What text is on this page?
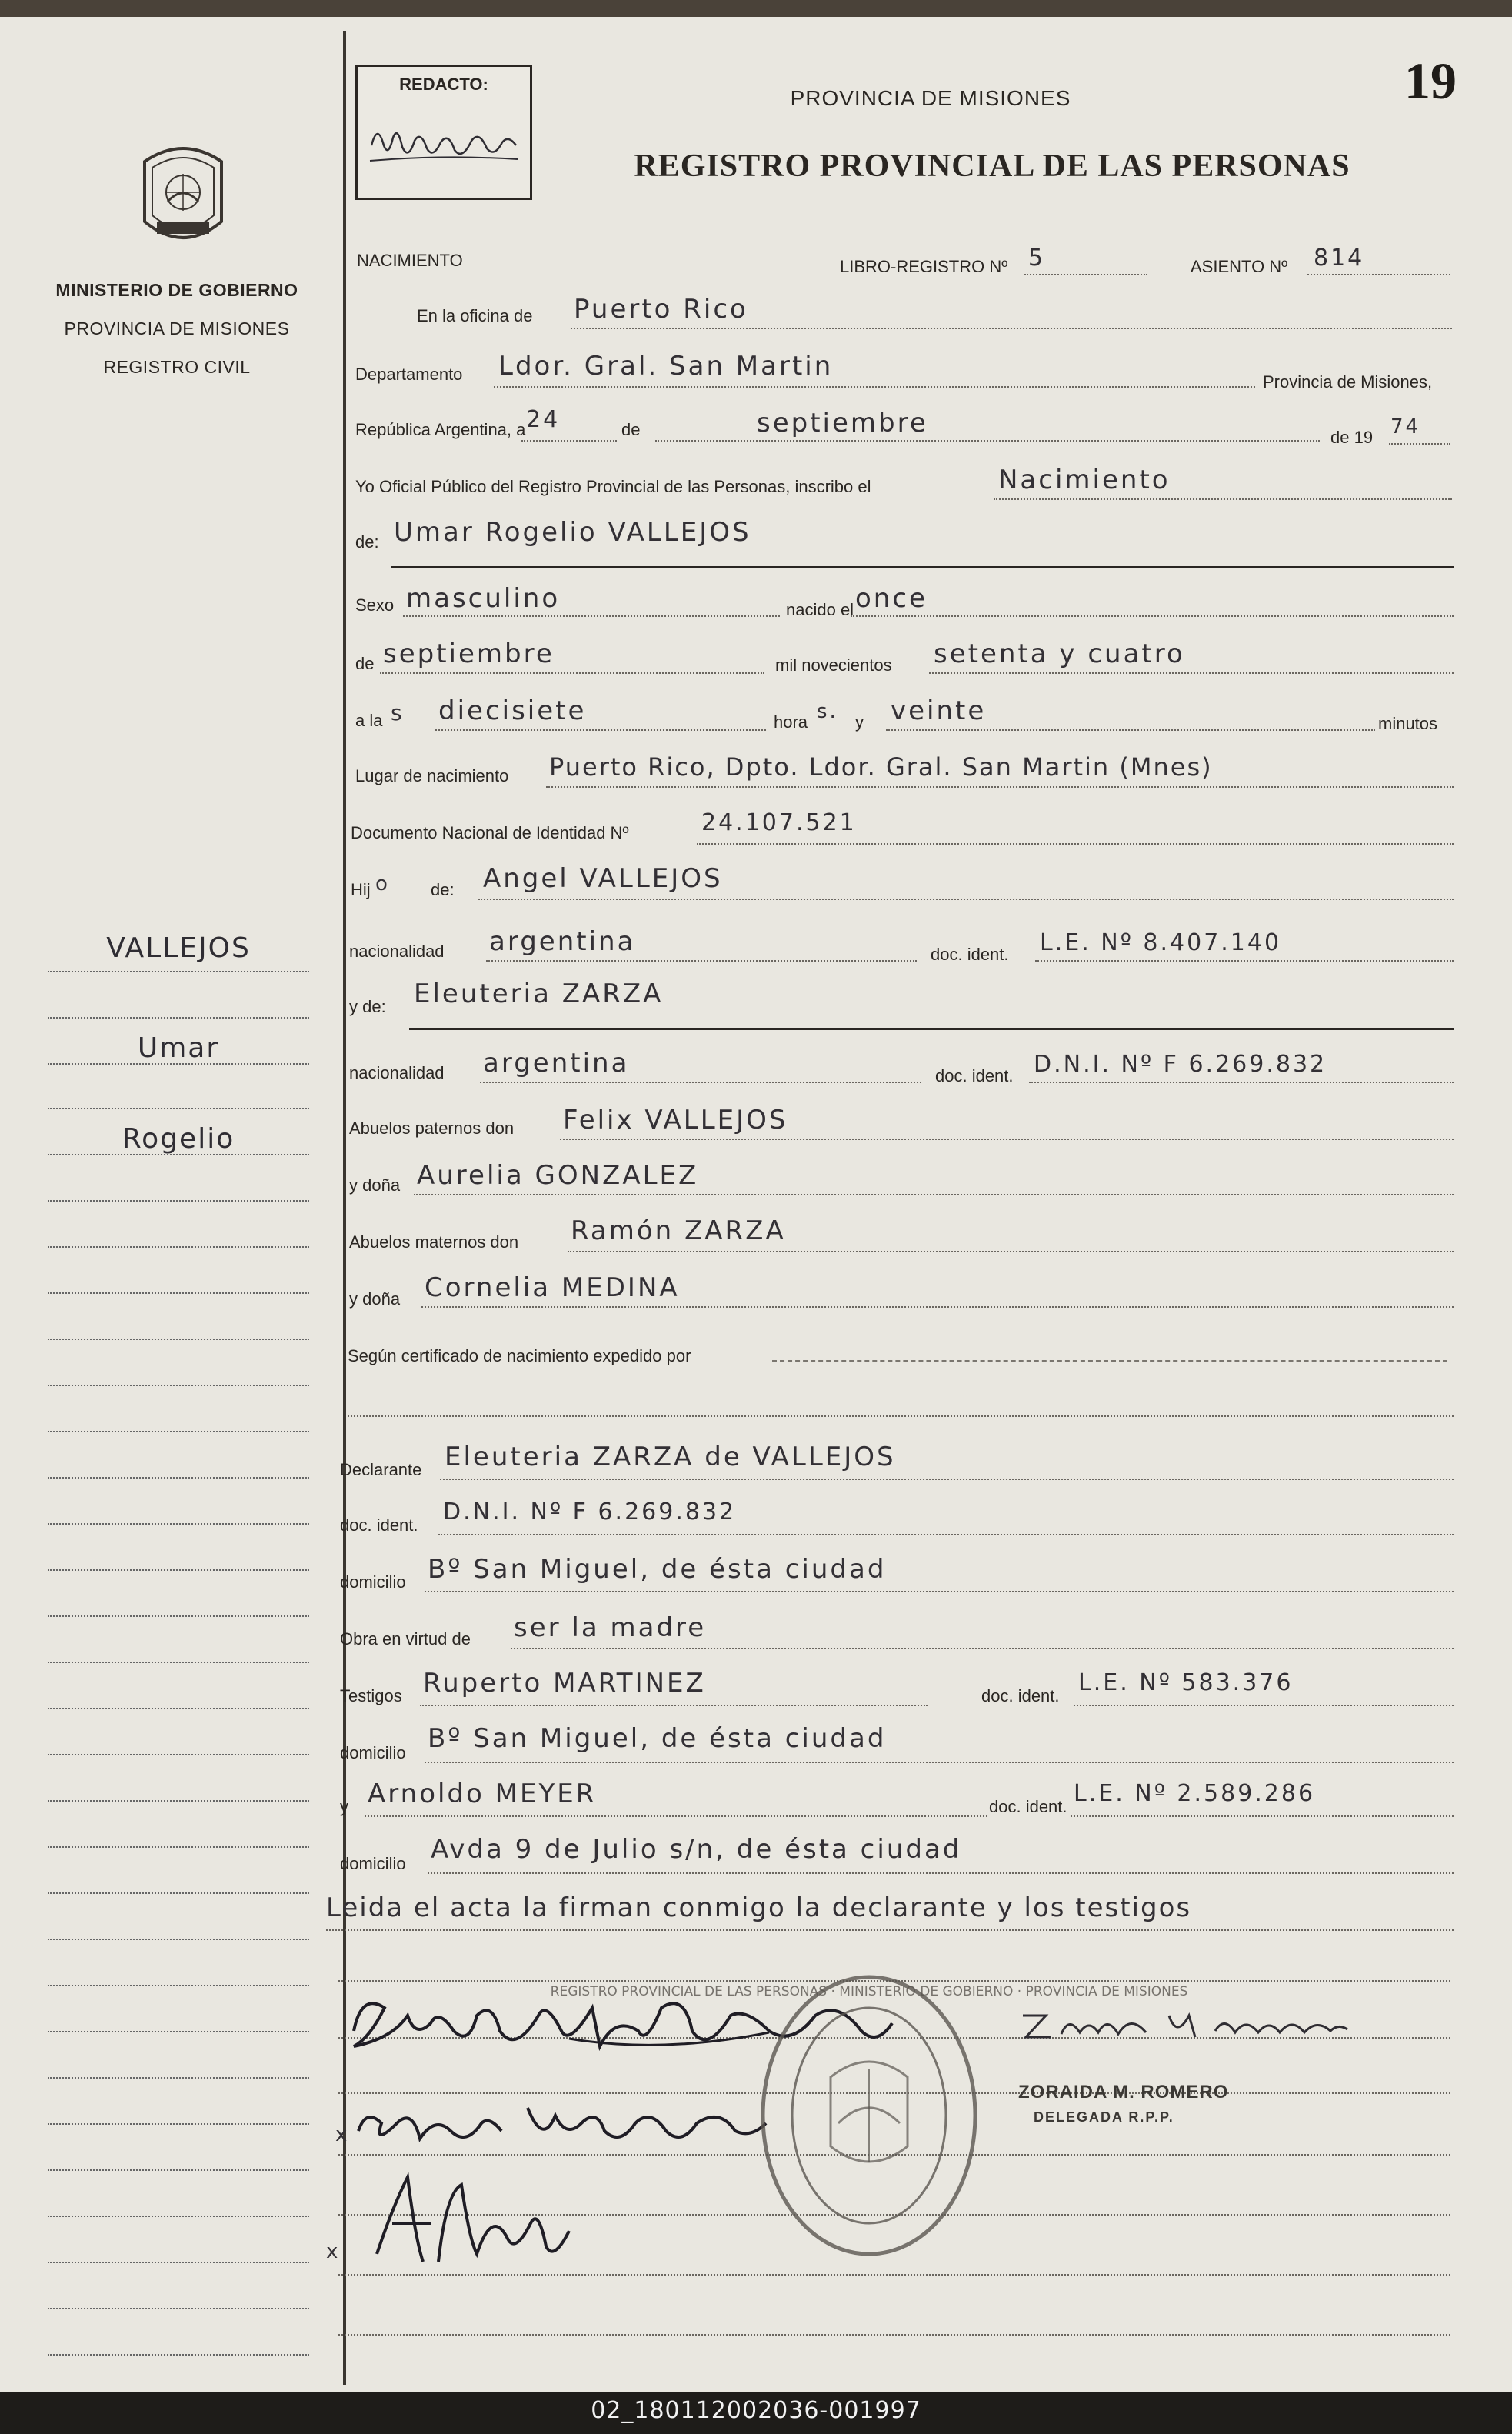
MINISTERIO DE GOBIERNO
PROVINCIA DE MISIONES
REGISTRO CIVIL
VALLEJOS
Umar
Rogelio
REDACTO:	19
PROVINCIA DE MISIONES
REGISTRO PROVINCIAL DE LAS PERSONAS
NACIMIENTO	LIBRO-REGISTRO Nº 5	ASIENTO Nº 814
En la oficina de Puerto Rico
Departamento Ldor. Gral. San Martin
Provincia de Misiones,
República Argentina, a 24	de	septiembre	de 19 74
Yo Oficial Público del Registro Provincial de las Personas, inscribo el	Nacimiento
de: Umar Rogelio VALLEJOS
Sexo masculino	nacido el once
de septiembre	mil novecientos setenta y cuatro
a la s diecisiete	hora s. y veinte	minutos
Lugar de nacimiento Puerto Rico, Dpto. Ldor. Gral. San Martin (Mnes)
Documento Nacional de Identidad Nº	24.107.521
Hij o de: Angel VALLEJOS
nacionalidad argentina	doc. ident. L.E. Nº 8.407.140
y de: Eleuteria ZARZA
nacionalidad argentina	doc. ident. D.N.I. Nº F 6.269.832
Abuelos paternos don Felix VALLEJOS
y doña Aurelia GONZALEZ
Abuelos maternos don Ramón ZARZA
y doña Cornelia MEDINA
Según certificado de nacimiento expedido por
Declarante Eleuteria ZARZA de VALLEJOS
doc. ident. D.N.I. Nº F 6.269.832
domicilio Bº San Miguel, de ésta ciudad
Obra en virtud de ser la madre
Testigos Ruperto MARTINEZ	doc. ident. L.E. Nº 583.376
domicilio Bº San Miguel, de ésta ciudad
y Arnoldo MEYER	doc. ident. L.E. Nº 2.589.286
domicilio Avda 9 de Julio s/n, de ésta ciudad
Leida el acta la firman conmigo la declarante y los testigos
ZORAIDA M. ROMERO
DELEGADA R.P.P.
x
x
REGISTRO PROVINCIAL DE LAS PERSONAS · MINISTERIO DE GOBIERNO · PROVINCIA DE MISIONES
02_180112002036-001997
